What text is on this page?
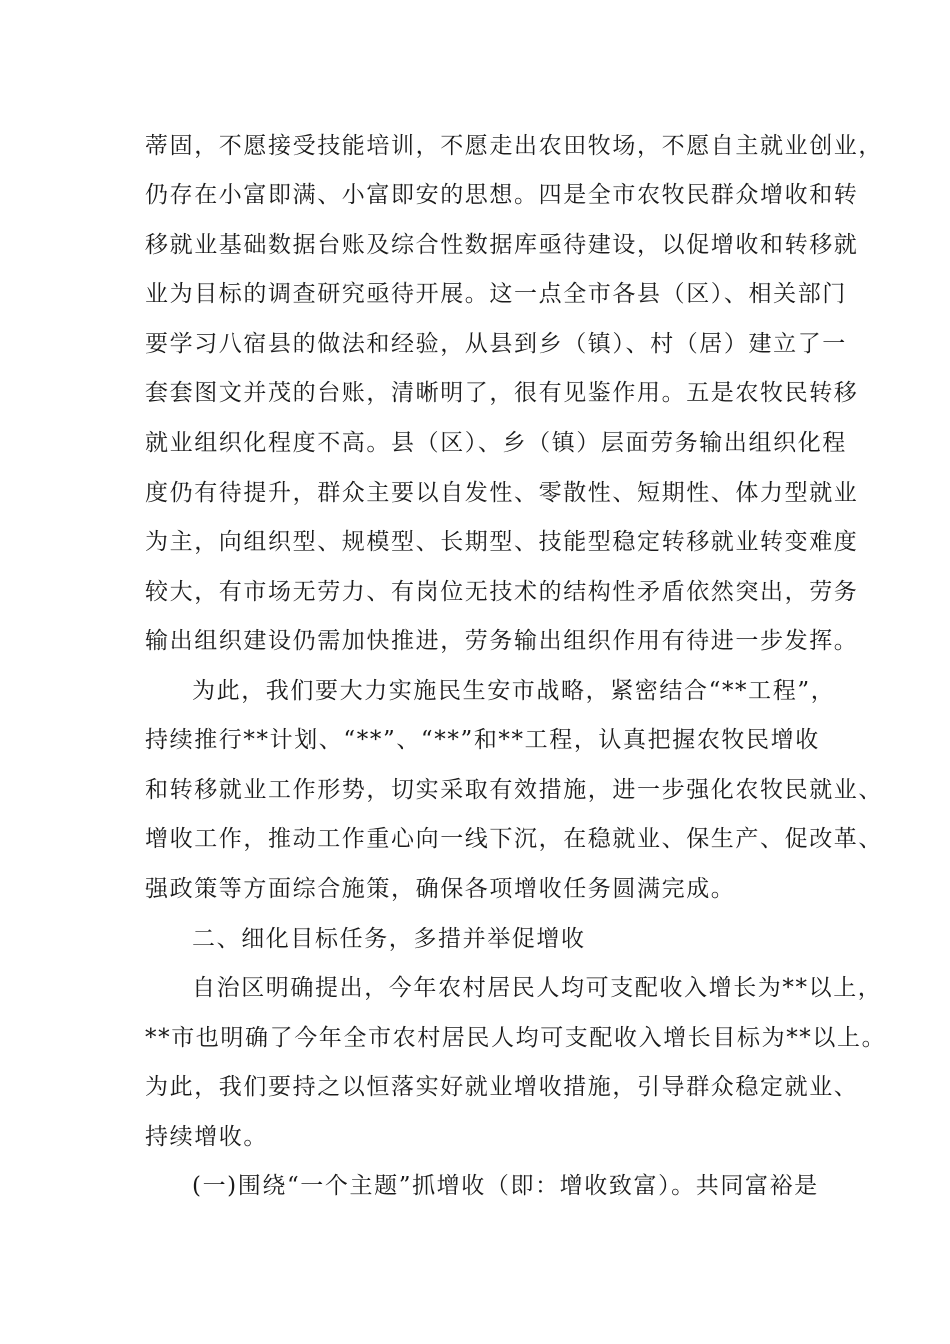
蒂固，不愿接受技能培训，不愿走出农田牧场，不愿自主就业创业，
仍存在小富即满、小富即安的思想。四是全市农牧民群众增收和转
移就业基础数据台账及综合性数据库亟待建设，以促增收和转移就
业为目标的调查研究亟待开展。这一点全市各县（区）、相关部门
要学习八宿县的做法和经验，从县到乡（镇）、村（居）建立了一
套套图文并茂的台账，清晰明了，很有见鉴作用。五是农牧民转移
就业组织化程度不高。县（区）、乡（镇）层面劳务输出组织化程
度仍有待提升，群众主要以自发性、零散性、短期性、体力型就业
为主，向组织型、规模型、长期型、技能型稳定转移就业转变难度
较大，有市场无劳力、有岗位无技术的结构性矛盾依然突出，劳务
输出组织建设仍需加快推进，劳务输出组织作用有待进一步发挥。
为此，我们要大力实施民生安市战略，紧密结合“**工程”，
持续推行**计划、“**”、“**”和**工程，认真把握农牧民增收
和转移就业工作形势，切实采取有效措施，进一步强化农牧民就业、
增收工作，推动工作重心向一线下沉，在稳就业、保生产、促改革、
强政策等方面综合施策，确保各项增收任务圆满完成。
二、细化目标任务，多措并举促增收
自治区明确提出，今年农村居民人均可支配收入增长为**以上，
**市也明确了今年全市农村居民人均可支配收入增长目标为**以上。
为此，我们要持之以恒落实好就业增收措施，引导群众稳定就业、
持续增收。
(一)围绕“一个主题”抓增收（即：增收致富）。共同富裕是
